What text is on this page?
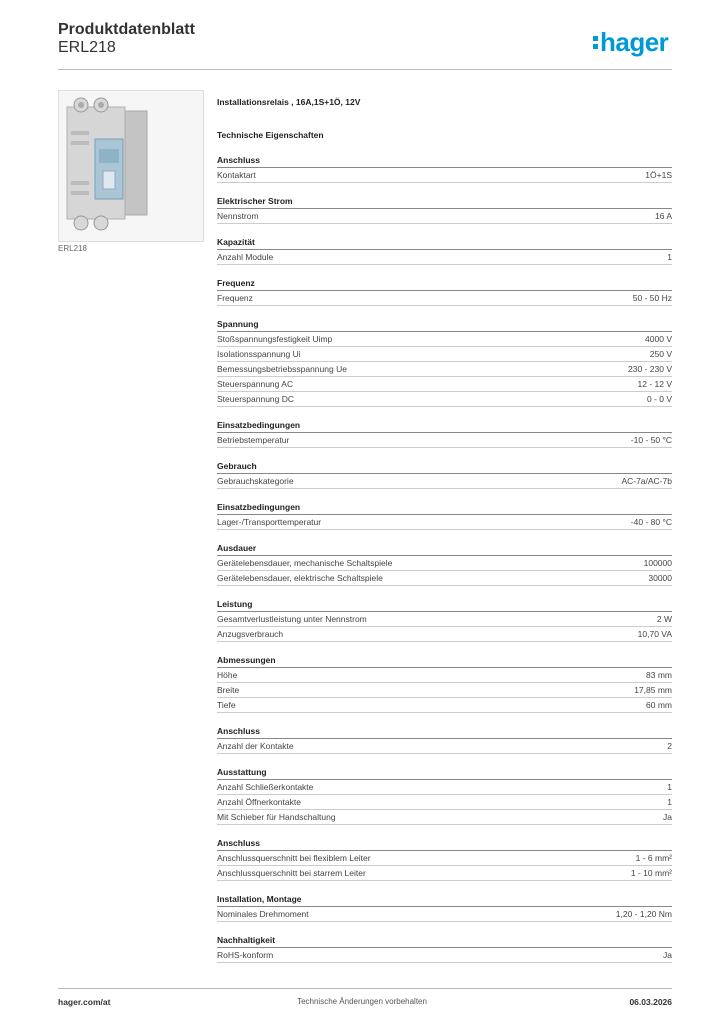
Produktdatenblatt
ERL218	hager
ERL218
Installationsrelais , 16A,1S+1Ö, 12V
Technische Eigenschaften
Anschluss
Kontaktart	1Ö+1S
Elektrischer Strom
Nennstrom	16 A
Kapazität
Anzahl Module	1
Frequenz
Frequenz	50 - 50 Hz
Spannung
Stoßspannungsfestigkeit Uimp	4000 V
Isolationsspannung Ui	250 V
Bemessungsbetriebsspannung Ue	230 - 230 V
Steuerspannung AC	12 - 12 V
Steuerspannung DC	0 - 0 V
Einsatzbedingungen
Betriebstemperatur	-10 - 50 °C
Gebrauch
Gebrauchskategorie	AC-7a/AC-7b
Einsatzbedingungen
Lager-/Transporttemperatur	-40 - 80 °C
Ausdauer
Gerätelebensdauer, mechanische Schaltspiele	100000
Gerätelebensdauer, elektrische Schaltspiele	30000
Leistung
Gesamtverlustleistung unter Nennstrom	2 W
Anzugsverbrauch	10,70 VA
Abmessungen
Höhe	83 mm
Breite	17,85 mm
Tiefe	60 mm
Anschluss
Anzahl der Kontakte	2
Ausstattung
Anzahl Schließerkontakte	1
Anzahl Öffnerkontakte	1
Mit Schieber für Handschaltung	Ja
Anschluss
Anschlussquerschnitt bei flexiblem Leiter	1 - 6 mm²
Anschlussquerschnitt bei starrem Leiter	1 - 10 mm²
Installation, Montage
Nominales Drehmoment	1,20 - 1,20 Nm
Nachhaltigkeit
RoHS-konform	Ja
hager.com/at	Technische Änderungen vorbehalten	06.03.2026
